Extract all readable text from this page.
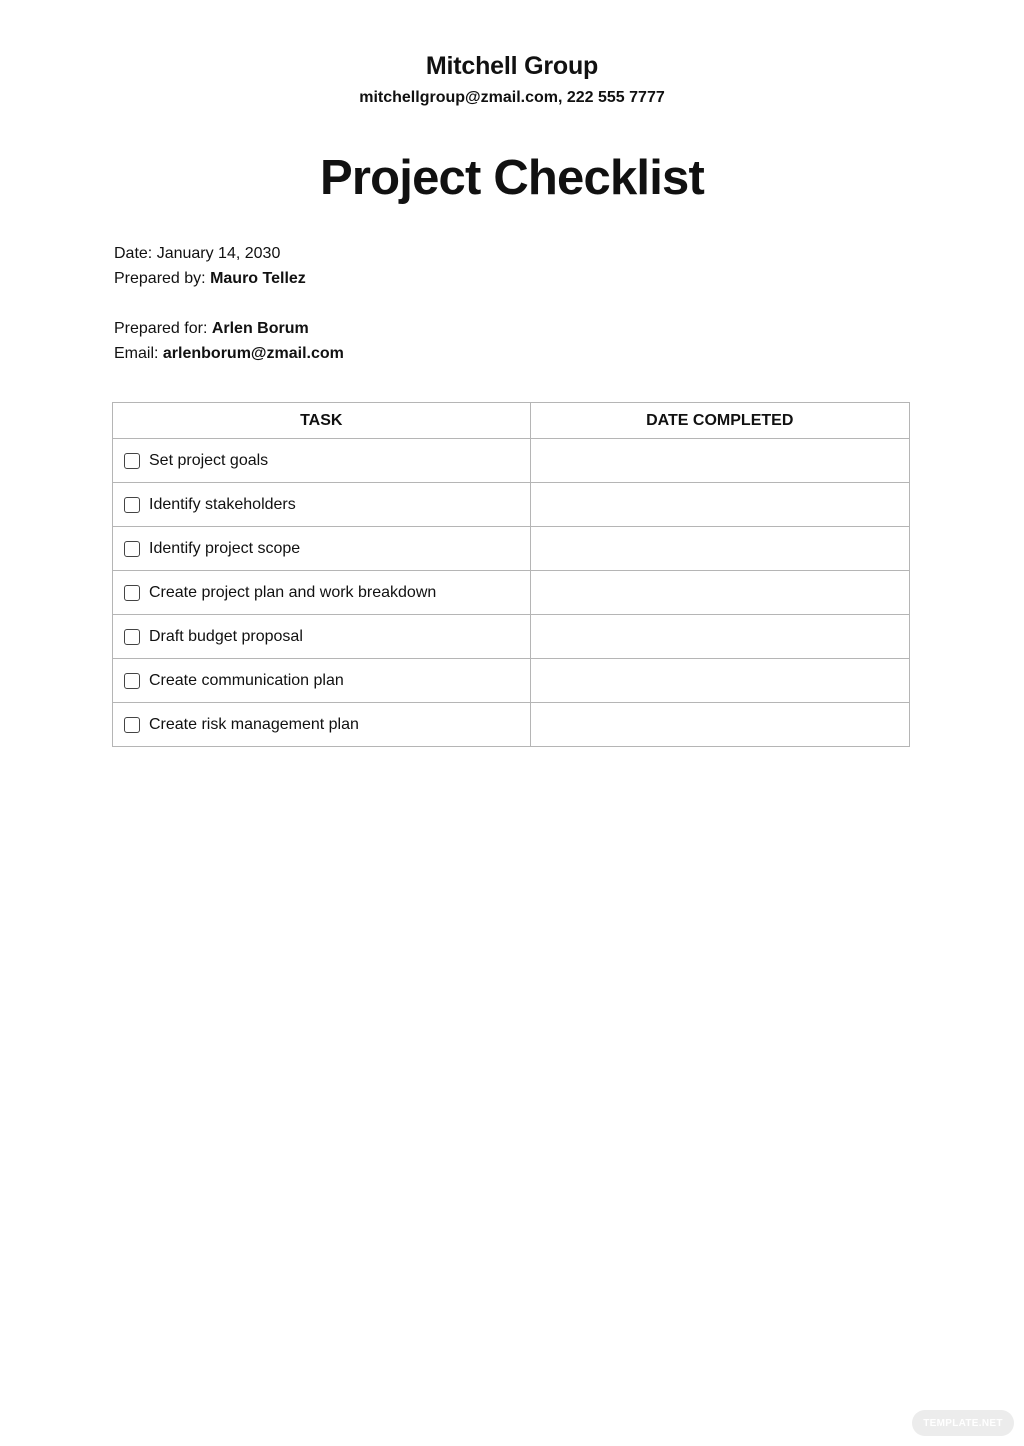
Mitchell Group
mitchellgroup@zmail.com, 222 555 7777
Project Checklist
Date: January 14, 2030
Prepared by: Mauro Tellez
Prepared for: Arlen Borum
Email: arlenborum@zmail.com
TASK	DATE COMPLETED

Set project goals	

Identify stakeholders	

Identify project scope	

Create project plan and work breakdown	

Draft budget proposal	

Create communication plan	

Create risk management plan	

TEMPLATE.NET
